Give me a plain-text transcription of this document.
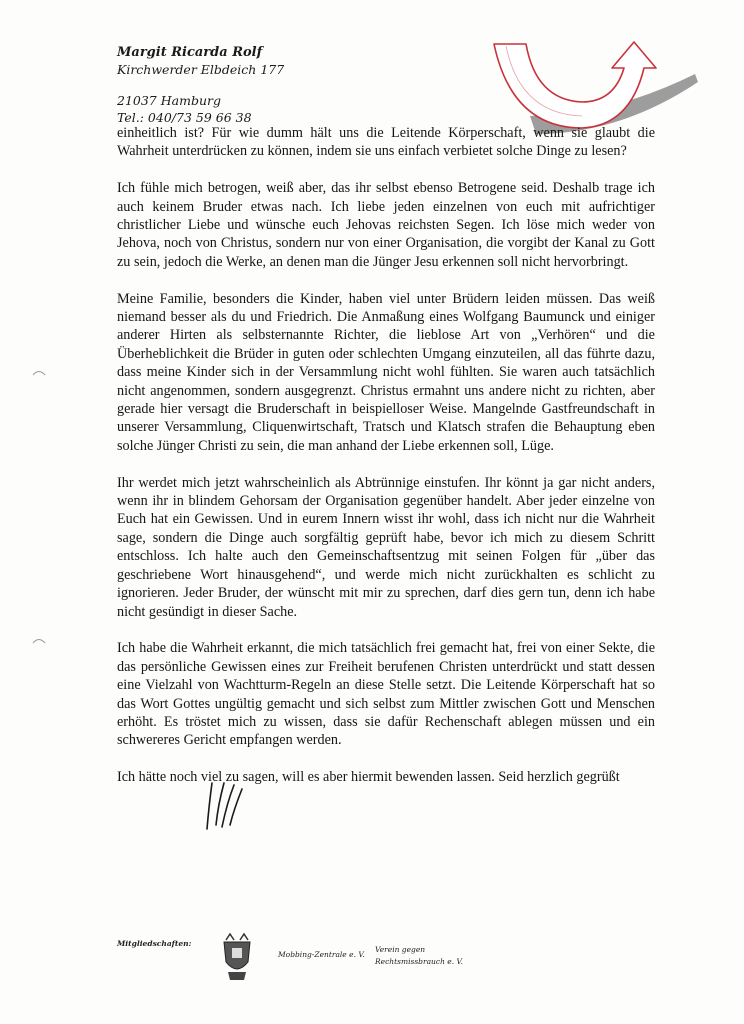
Margit Ricarda Rolf
Kirchwerder Elbdeich 177
21037 Hamburg
Tel.: 040/73 59 66 38

einheitlich ist? Für wie dumm hält uns die Leitende Körperschaft, wenn sie glaubt die Wahrheit unterdrücken zu können, indem sie uns einfach verbietet solche Dinge zu lesen?

Ich fühle mich betrogen, weiß aber, das ihr selbst ebenso Betrogene seid. Deshalb trage ich auch keinem Bruder etwas nach. Ich liebe jeden einzelnen von euch mit aufrichtiger christlicher Liebe und wünsche euch Jehovas reichsten Segen. Ich löse mich weder von Jehova, noch von Christus, sondern nur von einer Organisation, die vorgibt der Kanal zu Gott zu sein, jedoch die Werke, an denen man die Jünger Jesu erkennen soll nicht hervorbringt.

Meine Familie, besonders die Kinder, haben viel unter Brüdern leiden müssen. Das weiß niemand besser als du und Friedrich. Die Anmaßung eines Wolfgang Baumunck und einiger anderer Hirten als selbsternannte Richter, die lieblose Art von „Verhören“ und die Überheblichkeit die Brüder in guten oder schlechten Umgang einzuteilen, all das führte dazu, dass meine Kinder sich in der Versammlung nicht wohl fühlten. Sie waren auch tatsächlich nicht angenommen, sondern ausgegrenzt. Christus ermahnt uns andere nicht zu richten, aber gerade hier versagt die Bruderschaft in beispielloser Weise. Mangelnde Gastfreundschaft in unserer Versammlung, Cliquenwirtschaft, Tratsch und Klatsch strafen die Behauptung eben solche Jünger Christi zu sein, die man anhand der Liebe erkennen soll, Lüge.

Ihr werdet mich jetzt wahrscheinlich als Abtrünnige einstufen. Ihr könnt ja gar nicht anders, wenn ihr in blindem Gehorsam der Organisation gegenüber handelt. Aber jeder einzelne von Euch hat ein Gewissen. Und in eurem Innern wisst ihr wohl, dass ich nicht nur die Wahrheit sage, sondern die Dinge auch sorgfältig geprüft habe, bevor ich mich zu diesem Schritt entschloss. Ich halte auch den Gemeinschaftsentzug mit seinen Folgen für „über das geschriebene Wort hinausgehend“, und werde mich nicht zurückhalten es schlicht zu ignorieren. Jeder Bruder, der wünscht mit mir zu sprechen, darf dies gern tun, denn ich habe nicht gesündigt in dieser Sache.

Ich habe die Wahrheit erkannt, die mich tatsächlich frei gemacht hat, frei von einer Sekte, die das persönliche Gewissen eines zur Freiheit berufenen Christen unterdrückt und statt dessen eine Vielzahl von Wachtturm-Regeln an diese Stelle setzt. Die Leitende Körperschaft hat so das Wort Gottes ungültig gemacht und sich selbst zum Mittler zwischen Gott und Menschen erhöht. Es tröstet mich zu wissen, dass sie dafür Rechenschaft ablegen müssen und ein schwereres Gericht empfangen werden.

Ich hätte noch viel zu sagen, will es aber hiermit bewenden lassen. Seid herzlich gegrüßt

Mitgliedschaften:
Mobbing-Zentrale e. V.
Verein gegen
Rechtsmissbrauch e. V.
